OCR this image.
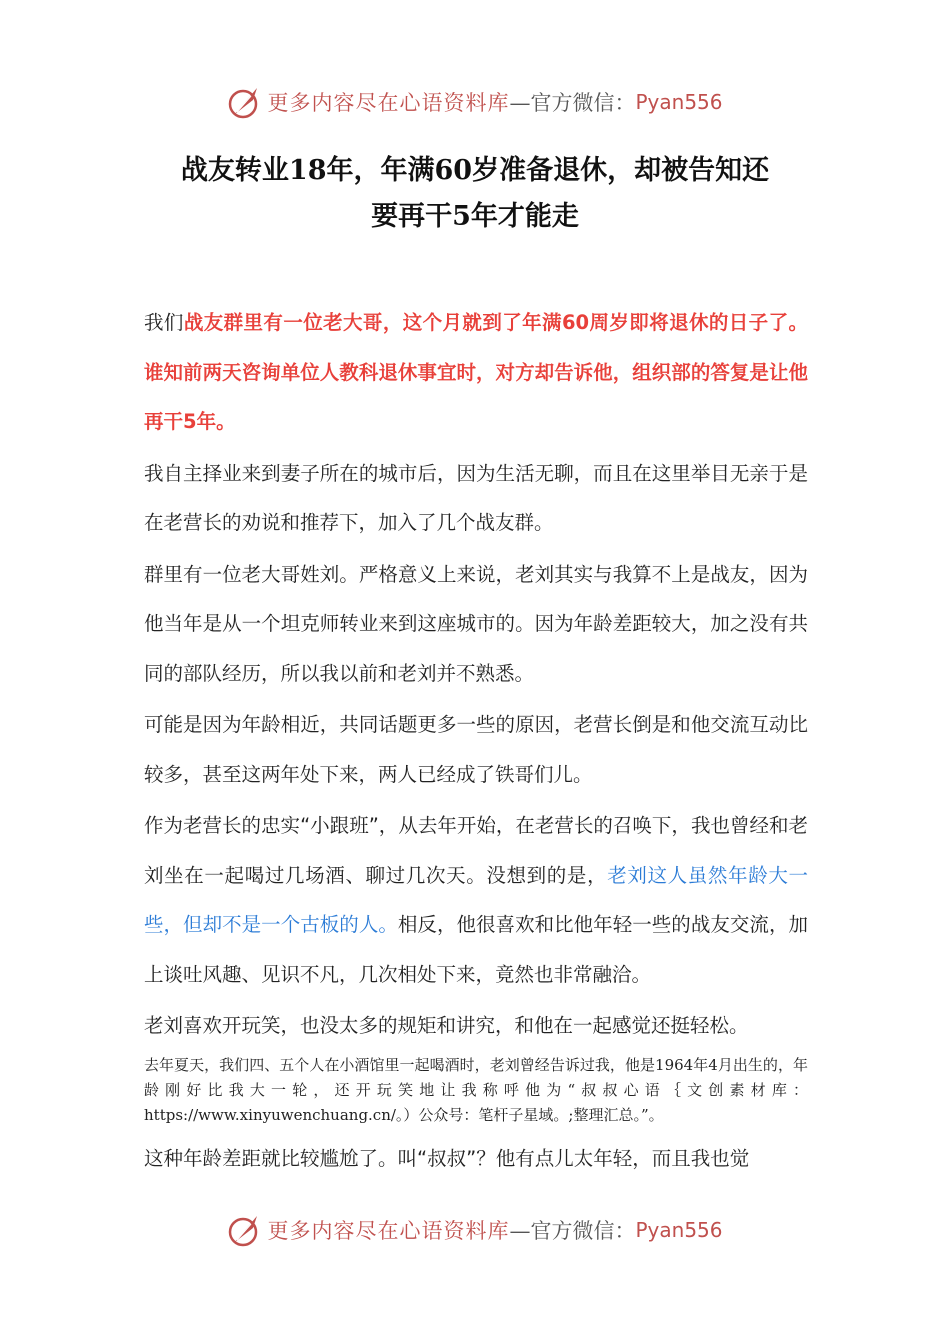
更多内容尽在心语资料库 —官方微信： Pyan556
战友转业18年，年满60岁准备退休，却被告知还
要再干5年才能走

我们战友群里有一位老大哥，这个月就到了年满60周岁即将退休的日子了。谁知前两天咨询单位人教科退休事宜时，对方却告诉他，组织部的答复是让他再干5年。

我自主择业来到妻子所在的城市后，因为生活无聊，而且在这里举目无亲于是在老营长的劝说和推荐下，加入了几个战友群。

群里有一位老大哥姓刘。严格意义上来说，老刘其实与我算不上是战友，因为他当年是从一个坦克师转业来到这座城市的。因为年龄差距较大，加之没有共同的部队经历，所以我以前和老刘并不熟悉。

可能是因为年龄相近，共同话题更多一些的原因，老营长倒是和他交流互动比较多，甚至这两年处下来，两人已经成了铁哥们儿。

作为老营长的忠实“小跟班”，从去年开始，在老营长的召唤下，我也曾经和老刘坐在一起喝过几场酒、聊过几次天。没想到的是，老刘这人虽然年龄大一些，但却不是一个古板的人。相反，他很喜欢和比他年轻一些的战友交流，加上谈吐风趣、见识不凡，几次相处下来，竟然也非常融洽。

老刘喜欢开玩笑，也没太多的规矩和讲究，和他在一起感觉还挺轻松。

去年夏天，我们四、五个人在小酒馆里一起喝酒时，老刘曾经告诉过我，他是1964年4月出生的，年龄刚好比我大一轮，还开玩笑地让我称呼他为“叔叔心语｛文创素材库：https://www.xinyuwenchuang.cn/。）公众号：笔杆子星域。;整理汇总。”。

这种年龄差距就比较尴尬了。叫“叔叔”？他有点儿太年轻，而且我也觉

更多内容尽在心语资料库 —官方微信： Pyan556
